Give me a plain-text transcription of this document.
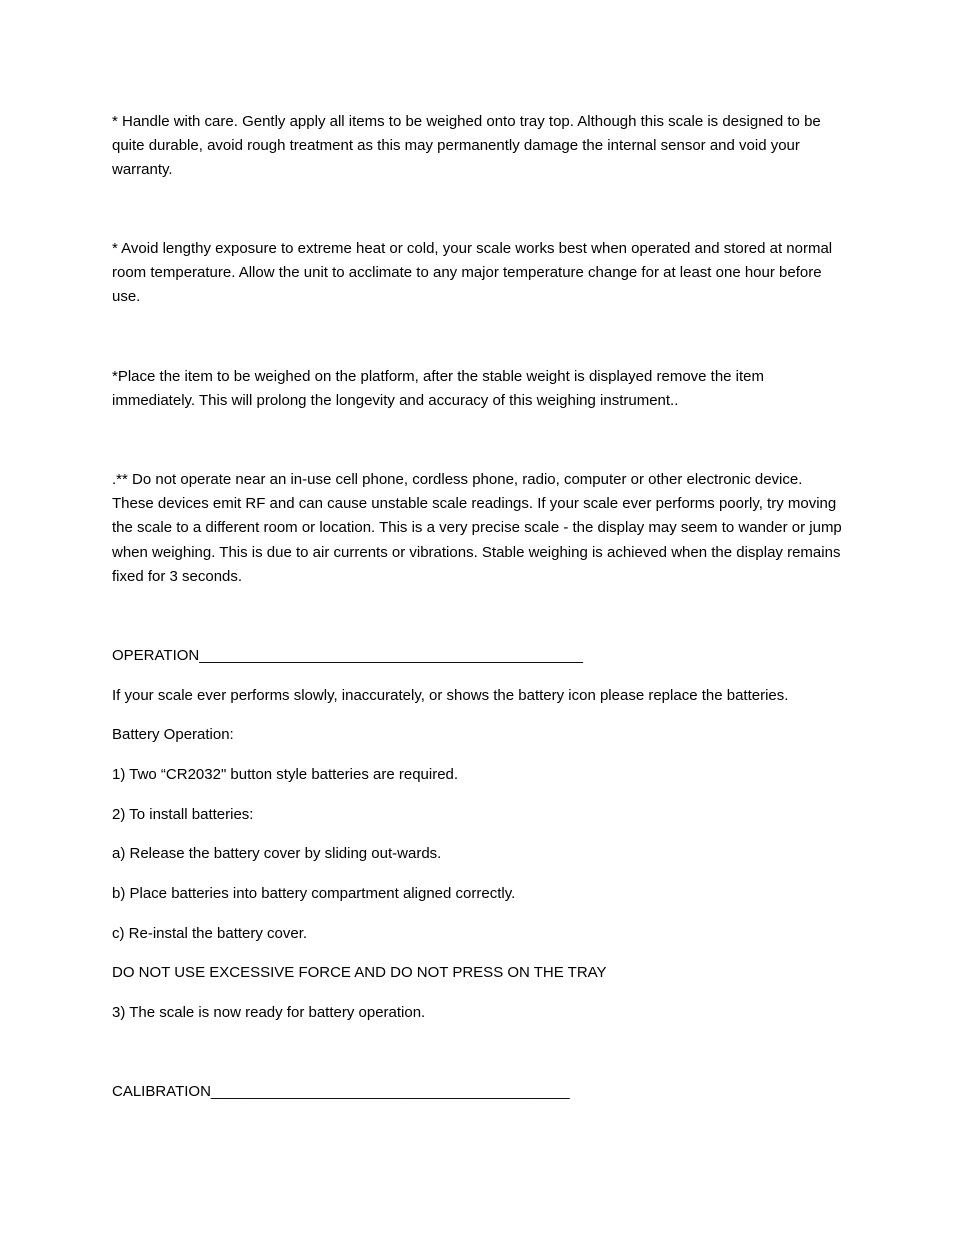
* Handle with care. Gently apply all items to be weighed onto tray top. Although this scale is designed to be quite durable, avoid rough treatment as this may permanently damage the internal sensor and void your warranty.

* Avoid lengthy exposure to extreme heat or cold, your scale works best when operated and stored at normal room temperature. Allow the unit to acclimate to any major temperature change for at least one hour before use.

*Place the item to be weighed on the platform, after the stable weight is displayed remove the item immediately. This will prolong the longevity and accuracy of this weighing instrument..

.** Do not operate near an in-use cell phone, cordless phone, radio, computer or other electronic device. These devices emit RF and can cause unstable scale readings. If your scale ever performs poorly, try moving the scale to a different room or location. This is a very precise scale - the display may seem to wander or jump when weighing. This is due to air currents or vibrations. Stable weighing is achieved when the display remains fixed for 3 seconds.

OPERATION______________________________________________

If your scale ever performs slowly, inaccurately, or shows the battery icon please replace the batteries.

Battery Operation:

1) Two “CR2032" button style batteries are required.

2) To install batteries:

a) Release the battery cover by sliding out-wards.

b) Place batteries into battery compartment aligned correctly.

c) Re-instal the battery cover.

DO NOT USE EXCESSIVE FORCE AND DO NOT PRESS ON THE TRAY

3) The scale is now ready for battery operation.

CALIBRATION___________________________________________
